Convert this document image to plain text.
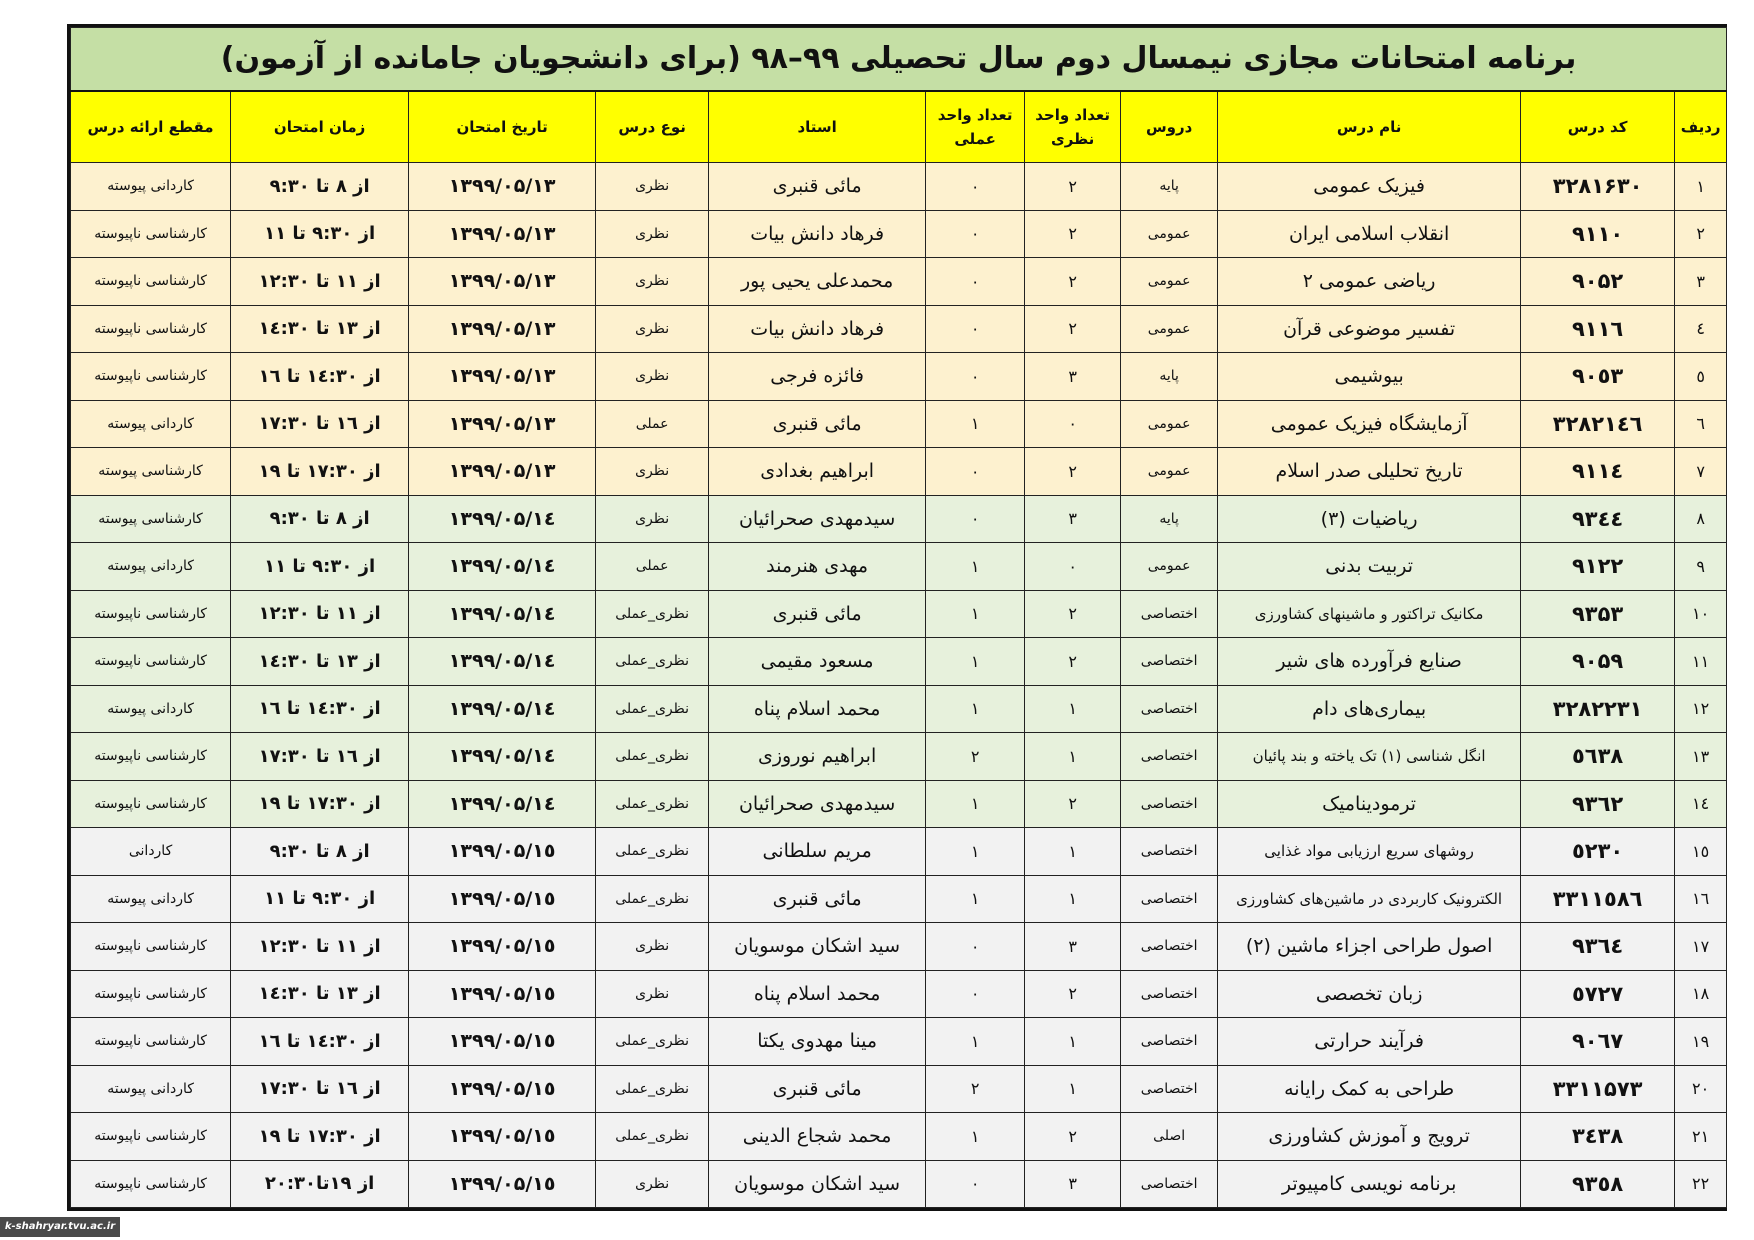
برنامه امتحانات مجازی نیمسال دوم سال تحصیلی ۹۹–۹۸ (برای دانشجویان جامانده از آزمون)										
ردیف	کد درس	نام درس	دروس	تعداد واحد نظری	تعداد واحد عملی	استاد	نوع درس	تاریخ امتحان	زمان امتحان	مقطع ارائه درس
۱	۳۲۸۱۶۳۰	فیزیک عمومی	پایه	۲	۰	مائی قنبری	نظری	۱۳۹۹/۰۵/۱۳	از ۸ تا ۹:۳۰	کاردانی پیوسته
۲	۹۱۱۰	انقلاب اسلامی ایران	عمومی	۲	۰	فرهاد دانش بیات	نظری	۱۳۹۹/۰۵/۱۳	از ۹:۳۰ تا ۱۱	کارشناسی ناپیوسته
۳	۹۰۵۲	ریاضی عمومی ۲	عمومی	۲	۰	محمدعلی یحیی پور	نظری	۱۳۹۹/۰۵/۱۳	از ۱۱ تا ۱۲:۳۰	کارشناسی ناپیوسته
٤	۹۱۱٦	تفسیر موضوعی قرآن	عمومی	۲	۰	فرهاد دانش بیات	نظری	۱۳۹۹/۰۵/۱۳	از ۱۳ تا ۱٤:۳۰	کارشناسی ناپیوسته
٥	۹۰٥۳	بیوشیمی	پایه	۳	۰	فائزه فرجی	نظری	۱۳۹۹/۰۵/۱۳	از ۱٤:۳۰ تا ۱٦	کارشناسی ناپیوسته
٦	۳۲۸۲۱٤٦	آزمایشگاه فیزیک عمومی	عمومی	۰	۱	مائی قنبری	عملی	۱۳۹۹/۰۵/۱۳	از ۱٦ تا ۱۷:۳۰	کاردانی پیوسته
۷	۹۱۱٤	تاریخ تحلیلی صدر اسلام	عمومی	۲	۰	ابراهیم بغدادی	نظری	۱۳۹۹/۰۵/۱۳	از ۱۷:۳۰ تا ۱۹	کارشناسی پیوسته
۸	۹۳٤٤	ریاضیات (۳)	پایه	۳	۰	سیدمهدی صحرائیان	نظری	۱۳۹۹/۰۵/۱٤	از ۸ تا ۹:۳۰	کارشناسی پیوسته
۹	۹۱۲۲	تربیت بدنی	عمومی	۰	۱	مهدی هنرمند	عملی	۱۳۹۹/۰۵/۱٤	از ۹:۳۰ تا ۱۱	کاردانی پیوسته
۱۰	۹۳۵۳	مکانیک تراکتور و ماشینهای کشاورزی	اختصاصی	۲	۱	مائی قنبری	نظری_عملی	۱۳۹۹/۰۵/۱٤	از ۱۱ تا ۱۲:۳۰	کارشناسی ناپیوسته
۱۱	۹۰۵۹	صنایع فرآورده های شیر	اختصاصی	۲	۱	مسعود مقیمی	نظری_عملی	۱۳۹۹/۰۵/۱٤	از ۱۳ تا ۱٤:۳۰	کارشناسی ناپیوسته
۱۲	۳۲۸۲۲۳۱	بیماری‌های دام	اختصاصی	۱	۱	محمد اسلام پناه	نظری_عملی	۱۳۹۹/۰۵/۱٤	از ۱٤:۳۰ تا ۱٦	کاردانی پیوسته
۱۳	٥٦۳۸	انگل شناسی (۱) تک یاخته و بند پائیان	اختصاصی	۱	۲	ابراهیم نوروزی	نظری_عملی	۱۳۹۹/۰۵/۱٤	از ۱٦ تا ۱۷:۳۰	کارشناسی ناپیوسته
۱٤	۹۳٦۲	ترمودینامیک	اختصاصی	۲	۱	سیدمهدی صحرائیان	نظری_عملی	۱۳۹۹/۰۵/۱٤	از ۱۷:۳۰ تا ۱۹	کارشناسی ناپیوسته
۱٥	٥۲۳۰	روشهای سریع ارزیابی مواد غذایی	اختصاصی	۱	۱	مریم سلطانی	نظری_عملی	۱۳۹۹/۰۵/۱٥	از ۸ تا ۹:۳۰	کاردانی
۱٦	۳۳۱۱٥۸٦	الکترونیک کاربردی در ماشین‌های کشاورزی	اختصاصی	۱	۱	مائی قنبری	نظری_عملی	۱۳۹۹/۰۵/۱٥	از ۹:۳۰ تا ۱۱	کاردانی پیوسته
۱۷	۹۳٦٤	اصول طراحی اجزاء ماشین (۲)	اختصاصی	۳	۰	سید اشکان موسویان	نظری	۱۳۹۹/۰۵/۱٥	از ۱۱ تا ۱۲:۳۰	کارشناسی ناپیوسته
۱۸	٥۷۲۷	زبان تخصصی	اختصاصی	۲	۰	محمد اسلام پناه	نظری	۱۳۹۹/۰۵/۱٥	از ۱۳ تا ۱٤:۳۰	کارشناسی ناپیوسته
۱۹	۹۰٦۷	فرآیند حرارتی	اختصاصی	۱	۱	مینا مهدوی یکتا	نظری_عملی	۱۳۹۹/۰۵/۱٥	از ۱٤:۳۰ تا ۱٦	کارشناسی ناپیوسته
۲۰	۳۳۱۱۵۷۳	طراحی به کمک رایانه	اختصاصی	۱	۲	مائی قنبری	نظری_عملی	۱۳۹۹/۰۵/۱٥	از ۱٦ تا ۱۷:۳۰	کاردانی پیوسته
۲۱	۳٤۳۸	ترویج و آموزش کشاورزی	اصلی	۲	۱	محمد شجاع الدینی	نظری_عملی	۱۳۹۹/۰۵/۱٥	از ۱۷:۳۰ تا ۱۹	کارشناسی ناپیوسته
۲۲	۹۳٥۸	برنامه نویسی کامپیوتر	اختصاصی	۳	۰	سید اشکان موسویان	نظری	۱۳۹۹/۰۵/۱٥	از ۱۹تا۲۰:۳۰	کارشناسی ناپیوسته
k-shahryar.tvu.ac.ir
